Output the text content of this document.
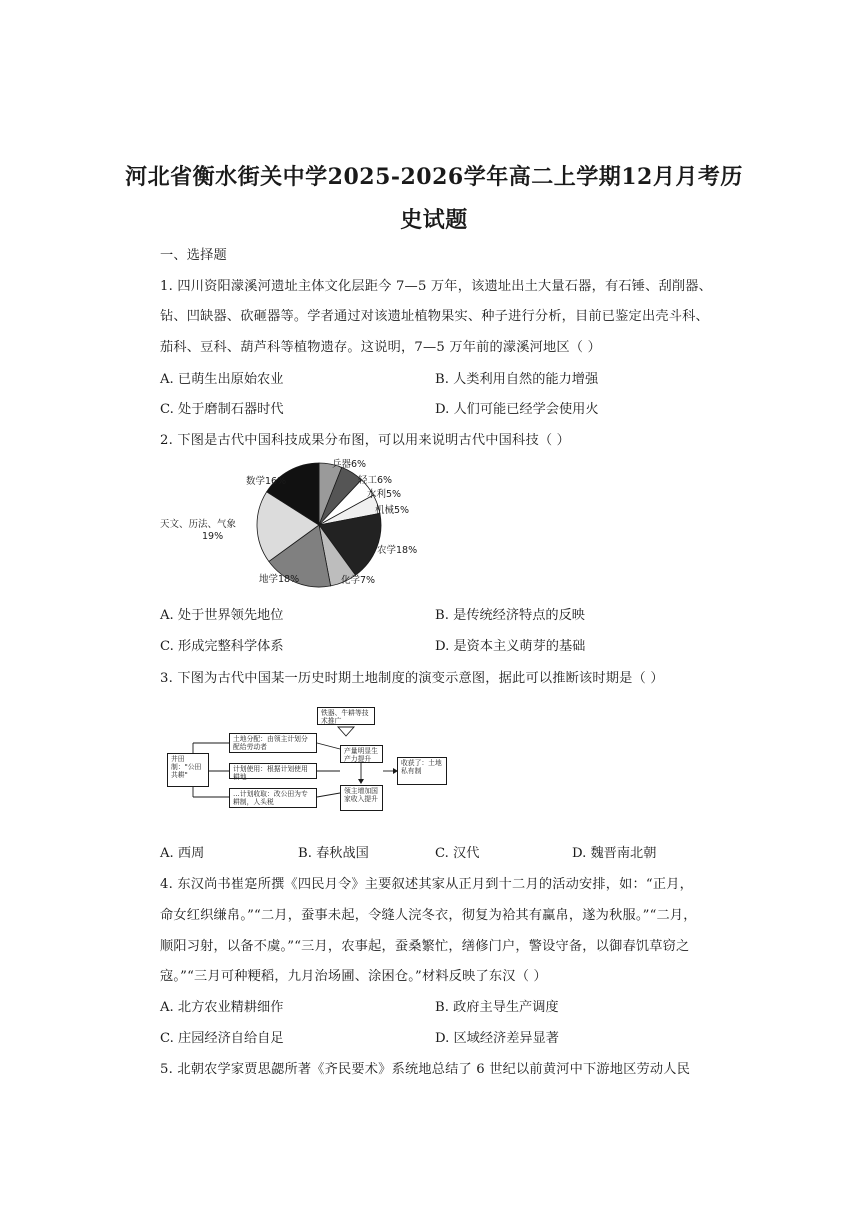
河北省衡水街关中学2025-2026学年高二上学期12月月考历
史试题
一、选择题
1. 四川资阳濛溪河遗址主体文化层距今 7—5 万年，该遗址出土大量石器，有石锤、刮削器、
钻、凹缺器、砍砸器等。学者通过对该遗址植物果实、种子进行分析，目前已鉴定出壳斗科、
茄科、豆科、葫芦科等植物遗存。这说明，7—5 万年前的濛溪河地区（ ）
A. 已萌生出原始农业	B. 人类利用自然的能力增强
C. 处于磨制石器时代	D. 人们可能已经学会使用火
2. 下图是古代中国科技成果分布图，可以用来说明古代中国科技（ ）
兵器6%
轻工6%
水利5%
机械5%
农学18%
化学7%
地学18%
天文、历法、气象
19%
数学16%
A. 处于世界领先地位	B. 是传统经济特点的反映
C. 形成完整科学体系	D. 是资本主义萌芽的基础
3. 下图为古代中国某一历史时期土地制度的演变示意图，据此可以推断该时期是（ ）
井田制："公田共耕"
土地分配：由领主计划分配给劳动者
计划使用：根据计划使用耕地
…计划收取：改公田为专耕制，人头税
铁器、牛耕等技术推广
产量明显生产力提升
领主增加国家收入提升
收获了：土地私有制
A. 西周	B. 春秋战国	C. 汉代	D. 魏晋南北朝
4. 东汉尚书崔寔所撰《四民月令》主要叙述其家从正月到十二月的活动安排，如：“正月，
命女红织缣帛。”“二月，蚕事未起，令缝人浣冬衣，彻复为袷其有赢帛，遂为秋服。”“二月，
顺阳习射，以备不虞。”“三月，农事起，蚕桑繁忙，缮修门户，警设守备，以御春饥草窃之
寇。”“三月可种粳稻，九月治场圃、涂困仓。”材料反映了东汉（ ）
A. 北方农业精耕细作	B. 政府主导生产调度
C. 庄园经济自给自足	D. 区域经济差异显著
5. 北朝农学家贾思勰所著《齐民要术》系统地总结了 6 世纪以前黄河中下游地区劳动人民
